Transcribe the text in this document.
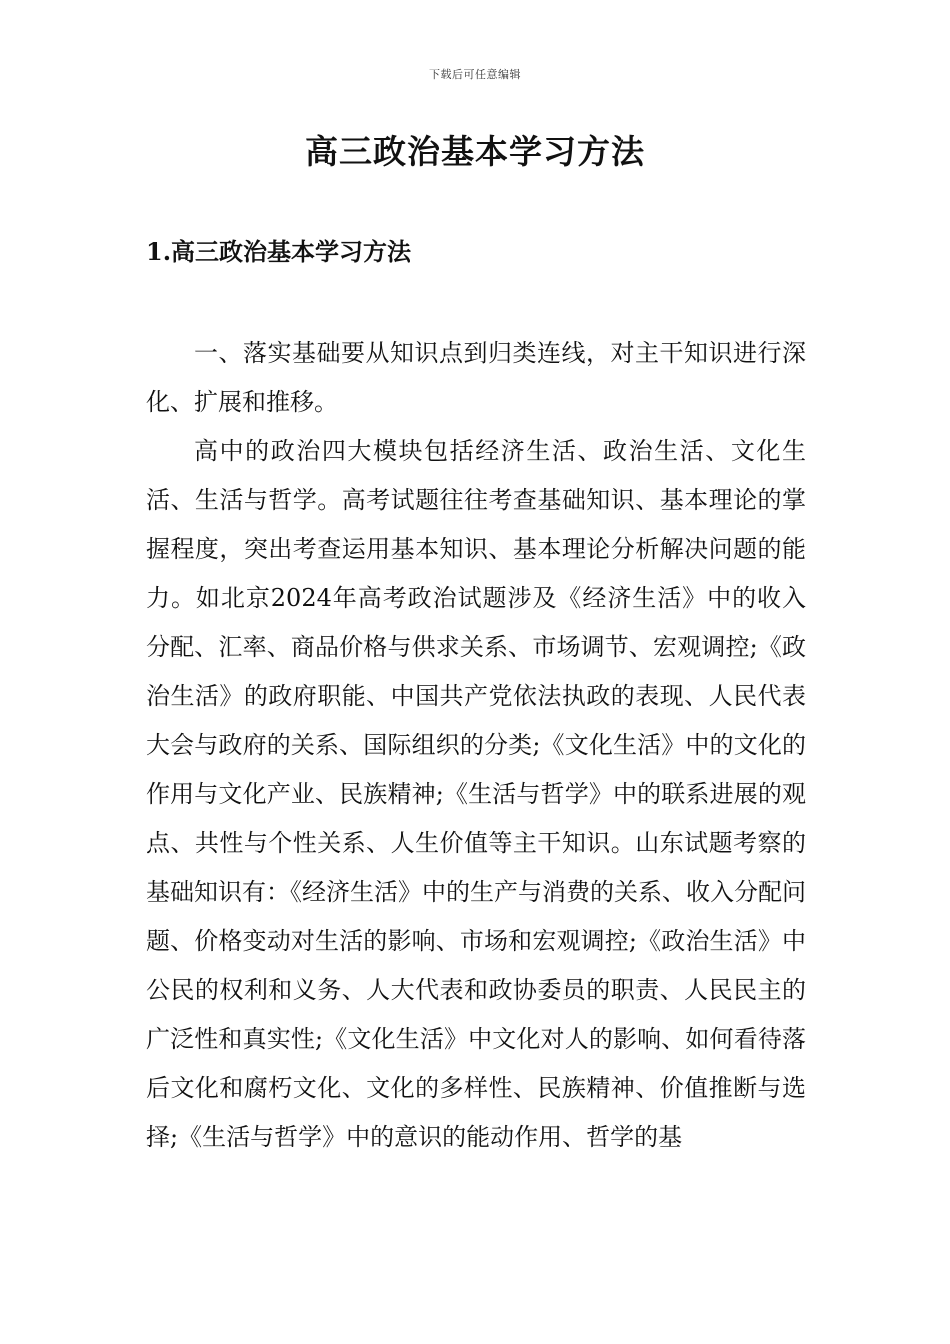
下载后可任意编辑
高三政治基本学习方法
1.高三政治基本学习方法

一、落实基础要从知识点到归类连线，对主干知识进行深化、扩展和推移。

高中的政治四大模块包括经济生活、政治生活、文化生活、生活与哲学。高考试题往往考查基础知识、基本理论的掌握程度，突出考查运用基本知识、基本理论分析解决问题的能力。如北京2024年高考政治试题涉及《经济生活》中的收入分配、汇率、商品价格与供求关系、市场调节、宏观调控;《政治生活》的政府职能、中国共产党依法执政的表现、人民代表大会与政府的关系、国际组织的分类;《文化生活》中的文化的作用与文化产业、民族精神;《生活与哲学》中的联系进展的观点、共性与个性关系、人生价值等主干知识。山东试题考察的基础知识有：《经济生活》中的生产与消费的关系、收入分配问题、价格变动对生活的影响、市场和宏观调控;《政治生活》中公民的权利和义务、人大代表和政协委员的职责、人民民主的广泛性和真实性;《文化生活》中文化对人的影响、如何看待落后文化和腐朽文化、文化的多样性、民族精神、价值推断与选择;《生活与哲学》中的意识的能动作用、哲学的基
